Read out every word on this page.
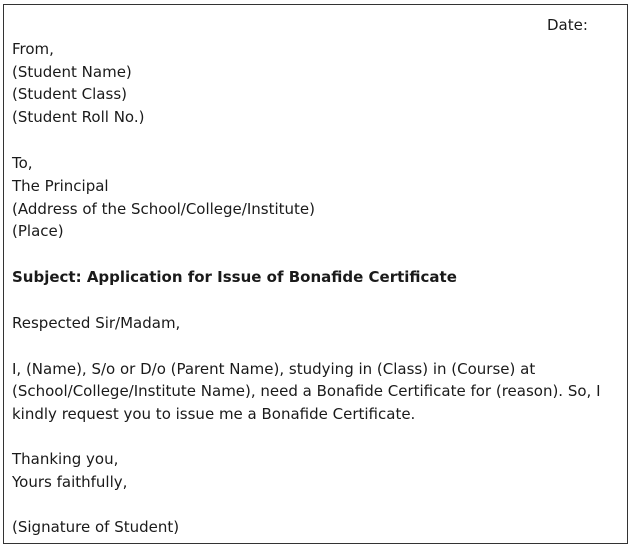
Date:
From,
(Student Name)
(Student Class)
(Student Roll No.)
To,
The Principal
(Address of the School/College/Institute)
(Place)
Subject: Application for Issue of Bonafide Certificate
Respected Sir/Madam,
I, (Name), S/o or D/o (Parent Name), studying in (Class) in (Course) at
(School/College/Institute Name), need a Bonafide Certificate for (reason). So, I
kindly request you to issue me a Bonafide Certificate.
Thanking you,
Yours faithfully,
(Signature of Student)
